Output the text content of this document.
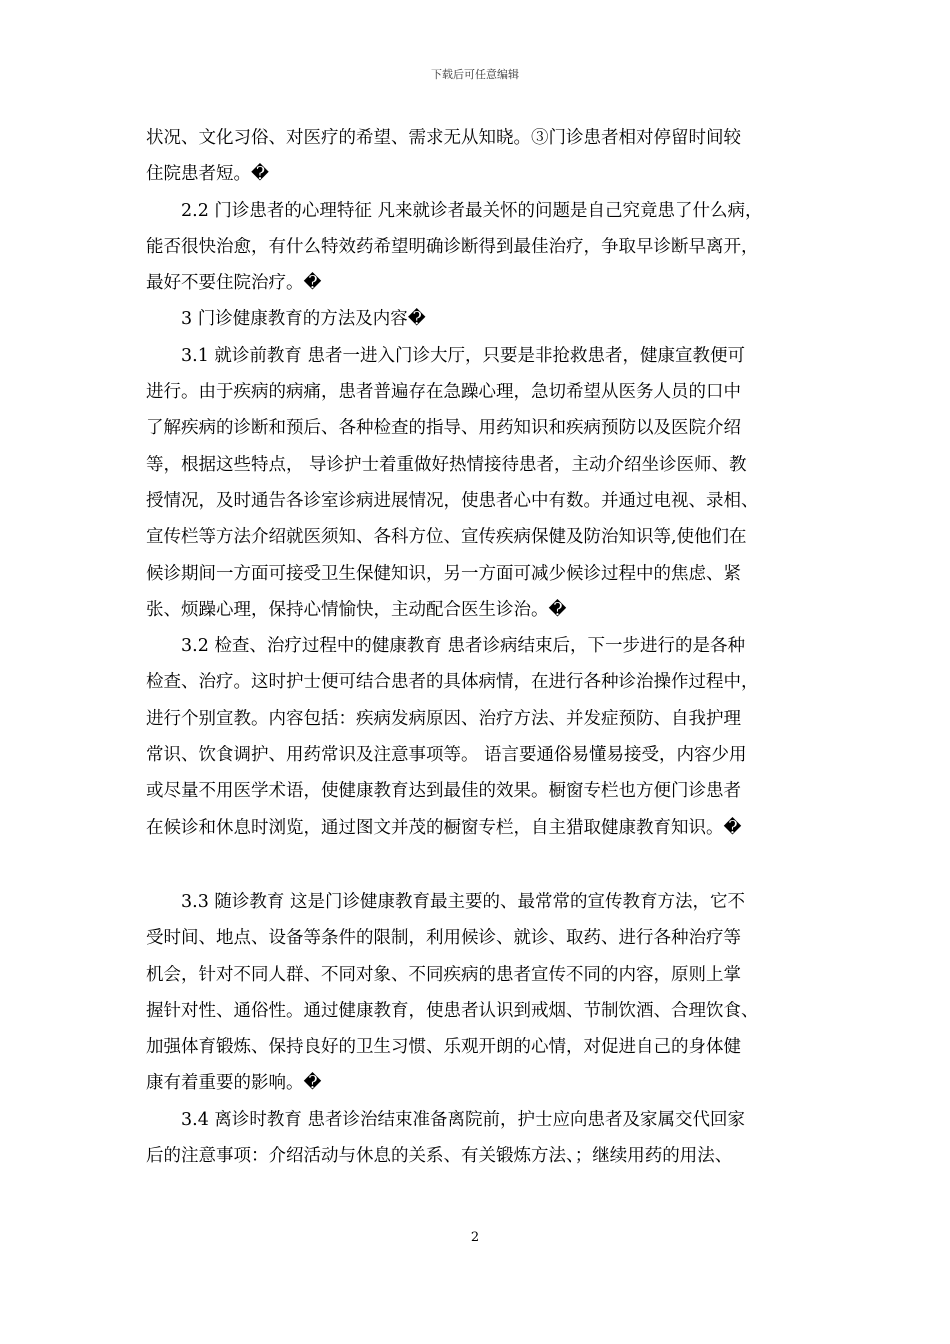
下载后可任意编辑
状况、文化习俗、对医疗的希望、需求无从知晓。③门诊患者相对停留时间较
住院患者短。�
　　2.2 门诊患者的心理特征 凡来就诊者最关怀的问题是自己究竟患了什么病，
能否很快治愈，有什么特效药希望明确诊断得到最佳治疗，争取早诊断早离开，
最好不要住院治疗。�
　　3 门诊健康教育的方法及内容�
　　3.1 就诊前教育 患者一进入门诊大厅，只要是非抢救患者，健康宣教便可
进行。由于疾病的病痛，患者普遍存在急躁心理，急切希望从医务人员的口中
了解疾病的诊断和预后、各种检查的指导、用药知识和疾病预防以及医院介绍
等，根据这些特点， 导诊护士着重做好热情接待患者，主动介绍坐诊医师、教
授情况，及时通告各诊室诊病进展情况，使患者心中有数。并通过电视、录相、
宣传栏等方法介绍就医须知、各科方位、宣传疾病保健及防治知识等,使他们在
候诊期间一方面可接受卫生保健知识，另一方面可减少候诊过程中的焦虑、紧
张、烦躁心理，保持心情愉快，主动配合医生诊治。�
　　3.2 检查、治疗过程中的健康教育 患者诊病结束后，下一步进行的是各种
检查、治疗。这时护士便可结合患者的具体病情，在进行各种诊治操作过程中，
进行个别宣教。内容包括：疾病发病原因、治疗方法、并发症预防、自我护理
常识、饮食调护、用药常识及注意事项等。 语言要通俗易懂易接受，内容少用
或尽量不用医学术语，使健康教育达到最佳的效果。橱窗专栏也方便门诊患者
在候诊和休息时浏览，通过图文并茂的橱窗专栏，自主猎取健康教育知识。�
　　3.3 随诊教育 这是门诊健康教育最主要的、最常常的宣传教育方法，它不
受时间、地点、设备等条件的限制，利用候诊、就诊、取药、进行各种治疗等
机会，针对不同人群、不同对象、不同疾病的患者宣传不同的内容，原则上掌
握针对性、通俗性。通过健康教育，使患者认识到戒烟、节制饮酒、合理饮食、
加强体育锻炼、保持良好的卫生习惯、乐观开朗的心情，对促进自己的身体健
康有着重要的影响。�
　　3.4 离诊时教育 患者诊治结束准备离院前，护士应向患者及家属交代回家
后的注意事项：介绍活动与休息的关系、有关锻炼方法、；继续用药的用法、
2
